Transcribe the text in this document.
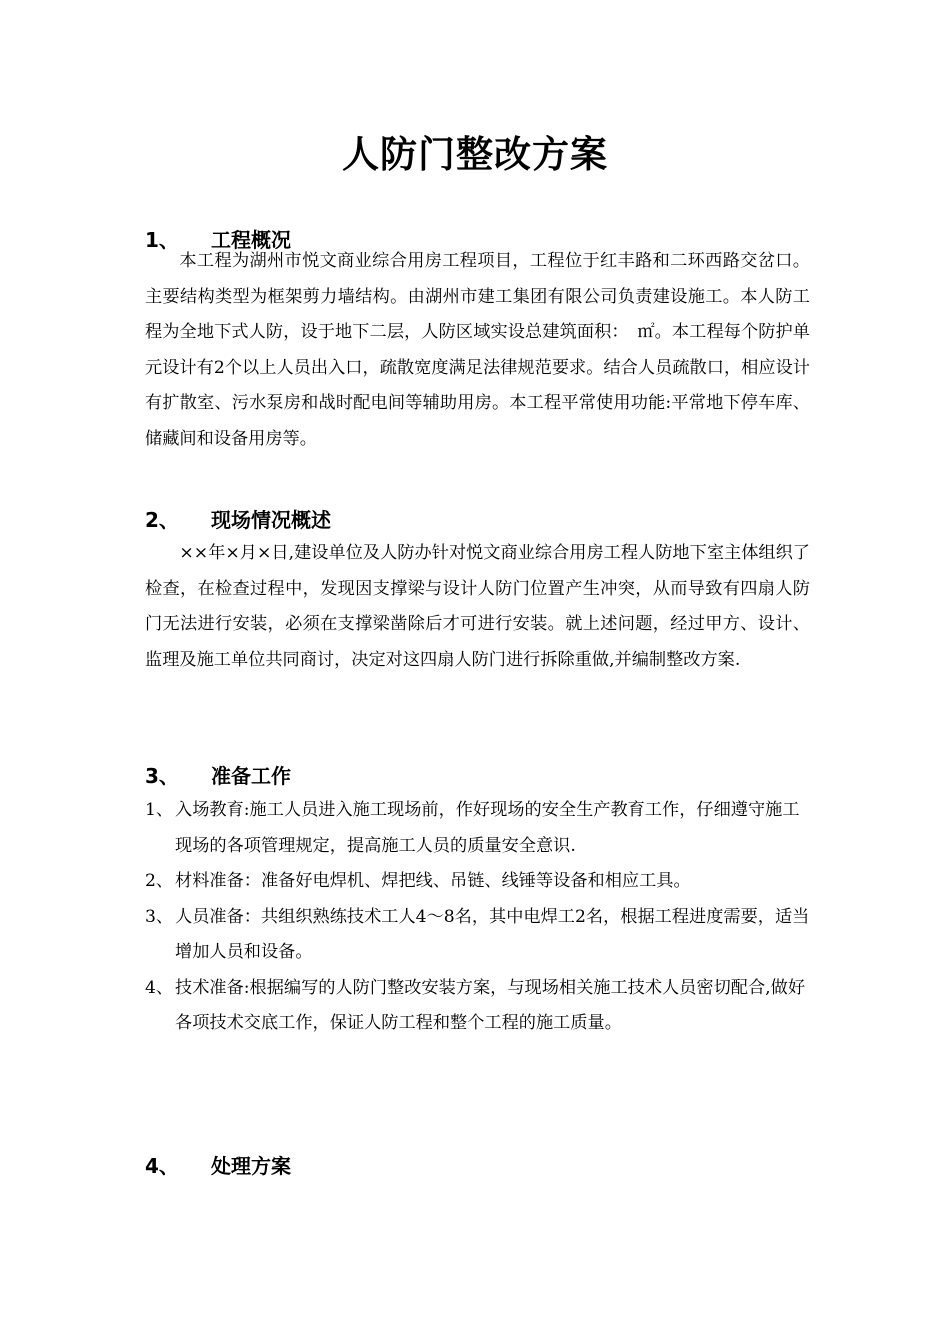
人防门整改方案
1、 工程概况

本工程为湖州市悦文商业综合用房工程项目，工程位于红丰路和二环西路交岔口。主要结构类型为框架剪力墙结构。由湖州市建工集团有限公司负责建设施工。本人防工程为全地下式人防，设于地下二层，人防区域实设总建筑面积：　㎡。本工程每个防护单元设计有2个以上人员出入口，疏散宽度满足法律规范要求。结合人员疏散口，相应设计有扩散室、污水泵房和战时配电间等辅助用房。本工程平常使用功能:平常地下停车库、储藏间和设备用房等。

2、 现场情况概述

××年×月×日,建设单位及人防办针对悦文商业综合用房工程人防地下室主体组织了检查，在检查过程中，发现因支撑梁与设计人防门位置产生冲突，从而导致有四扇人防门无法进行安装，必须在支撑梁凿除后才可进行安装。就上述问题，经过甲方、设计、监理及施工单位共同商讨，决定对这四扇人防门进行拆除重做,并编制整改方案.

3、 准备工作
1、 入场教育:施工人员进入施工现场前，作好现场的安全生产教育工作，仔细遵守施工现场的各项管理规定，提高施工人员的质量安全意识.
2、 材料准备：准备好电焊机、焊把线、吊链、线锤等设备和相应工具。
3、 人员准备：共组织熟练技术工人4～8名，其中电焊工2名，根据工程进度需要，适当增加人员和设备。
4、 技术准备:根据编写的人防门整改安装方案，与现场相关施工技术人员密切配合,做好各项技术交底工作，保证人防工程和整个工程的施工质量。
4、 处理方案
